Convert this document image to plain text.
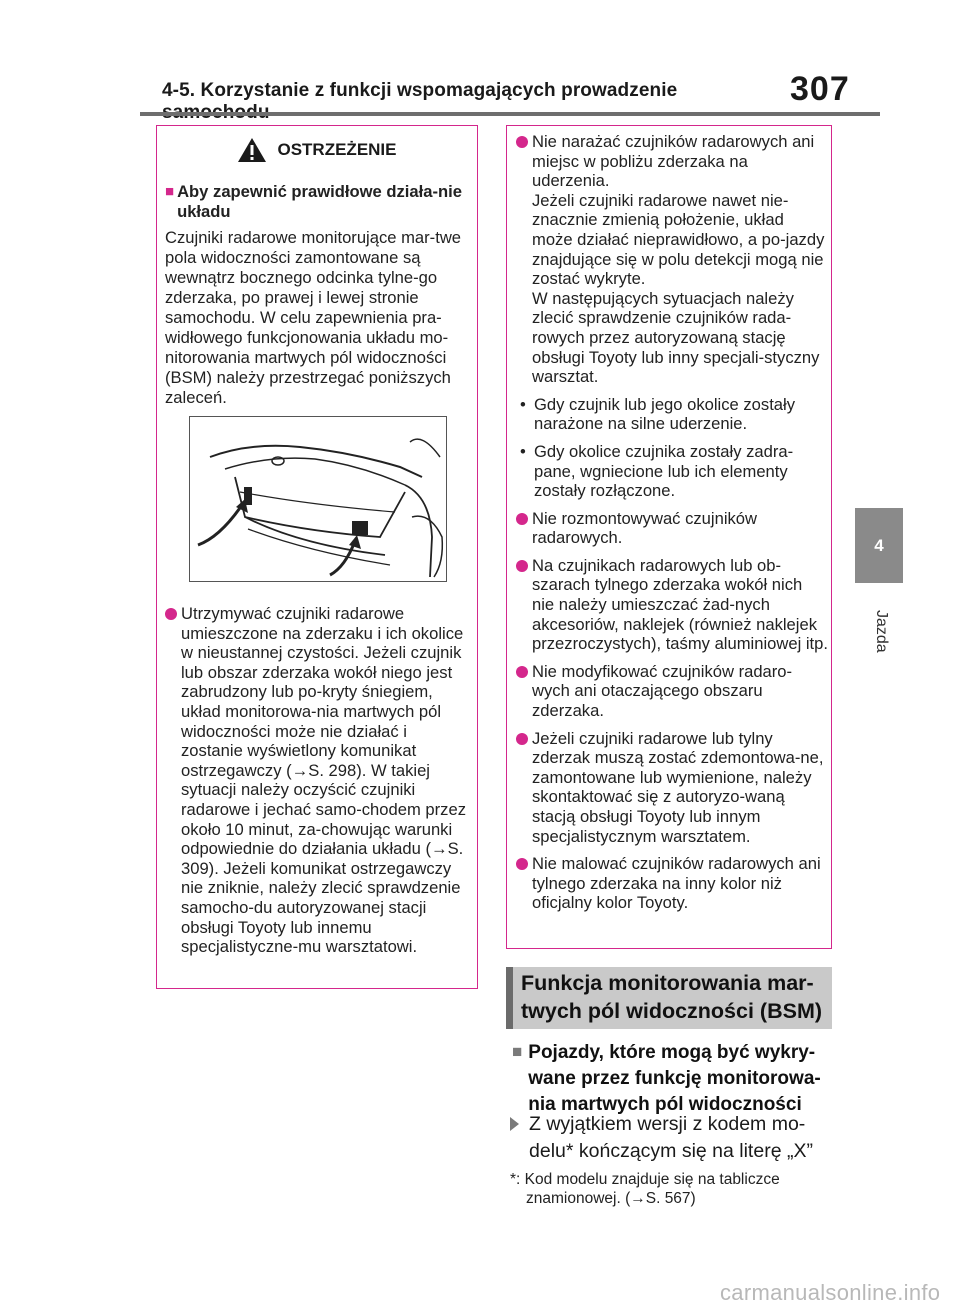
4-5. Korzystanie z funkcji wspomagających prowadzenie	307
4
Jazda
OSTRZEŻENIE
■ Aby zapewnić prawidłowe działa-nie układu

Czujniki radarowe monitorujące mar-twe pola widoczności zamontowane są wewnątrz bocznego odcinka tylne-go zderzaka, po prawej i lewej stronie samochodu. W celu zapewnienia pra-widłowego funkcjonowania układu mo-nitorowania martwych pól widoczności (BSM) należy przestrzegać poniższych zaleceń.

Utrzymywać czujniki radarowe umieszczone na zderzaku i ich okolice w nieustannej czystości. Jeżeli czujnik lub obszar zderzaka wokół niego jest zabrudzony lub po-kryty śniegiem, układ monitorowa-nia martwych pól widoczności może nie działać i zostanie wyświetlony komunikat ostrzegawczy (→S. 298). W takiej sytuacji należy oczyścić czujniki radarowe i jechać samo-chodem przez około 10 minut, za-chowując warunki odpowiednie do działania układu (→S. 309). Jeżeli komunikat ostrzegawczy nie zniknie, należy zlecić sprawdzenie samocho-du autoryzowanej stacji obsługi Toyoty lub innemu specjalistyczne-mu warsztatowi.
Nie narażać czujników radarowych ani miejsc w pobliżu zderzaka na uderzenia.
Jeżeli czujniki radarowe nawet nie-znacznie zmienią położenie, układ może działać nieprawidłowo, a po-jazdy znajdujące się w polu detekcji mogą nie zostać wykryte.
W następujących sytuacjach należy zlecić sprawdzenie czujników rada-rowych przez autoryzowaną stację obsługi Toyoty lub inny specjali-styczny warsztat.
• Gdy czujnik lub jego okolice zostały narażone na silne uderzenie.
• Gdy okolice czujnika zostały zadra-pane, wgniecione lub ich elementy zostały rozłączone.
Nie rozmontowywać czujników radarowych.
Na czujnikach radarowych lub ob-szarach tylnego zderzaka wokół nich nie należy umieszczać żad-nych akcesoriów, naklejek (również naklejek przezroczystych), taśmy aluminiowej itp.
Nie modyfikować czujników radaro-wych ani otaczającego obszaru zderzaka.
Jeżeli czujniki radarowe lub tylny zderzak muszą zostać zdemontowa-ne, zamontowane lub wymienione, należy skontaktować się z autoryzo-waną stacją obsługi Toyoty lub innym specjalistycznym warsztatem.
Nie malować czujników radarowych ani tylnego zderzaka na inny kolor niż oficjalny kolor Toyoty.
Funkcja monitorowania mar-
twych pól widoczności (BSM)
■ Pojazdy, które mogą być wykry-wane przez funkcję monitorowa-nia martwych pól widoczności
Z wyjątkiem wersji z kodem mo-delu* kończącym się na literę „X”
*: Kod modelu znajduje się na tabliczce
znamionowej. (→S. 567)
carmanualsonline.info
